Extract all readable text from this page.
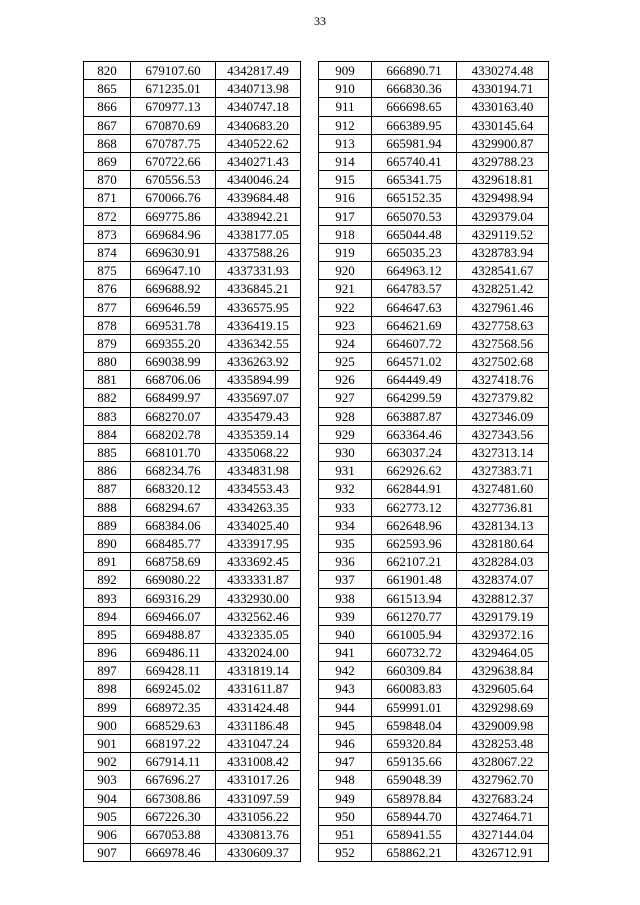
33
820	679107.60	4342817.49
865	671235.01	4340713.98
866	670977.13	4340747.18
867	670870.69	4340683.20
868	670787.75	4340522.62
869	670722.66	4340271.43
870	670556.53	4340046.24
871	670066.76	4339684.48
872	669775.86	4338942.21
873	669684.96	4338177.05
874	669630.91	4337588.26
875	669647.10	4337331.93
876	669688.92	4336845.21
877	669646.59	4336575.95
878	669531.78	4336419.15
879	669355.20	4336342.55
880	669038.99	4336263.92
881	668706.06	4335894.99
882	668499.97	4335697.07
883	668270.07	4335479.43
884	668202.78	4335359.14
885	668101.70	4335068.22
886	668234.76	4334831.98
887	668320.12	4334553.43
888	668294.67	4334263.35
889	668384.06	4334025.40
890	668485.77	4333917.95
891	668758.69	4333692.45
892	669080.22	4333331.87
893	669316.29	4332930.00
894	669466.07	4332562.46
895	669488.87	4332335.05
896	669486.11	4332024.00
897	669428.11	4331819.14
898	669245.02	4331611.87
899	668972.35	4331424.48
900	668529.63	4331186.48
901	668197.22	4331047.24
902	667914.11	4331008.42
903	667696.27	4331017.26
904	667308.86	4331097.59
905	667226.30	4331056.22
906	667053.88	4330813.76
907	666978.46	4330609.37
909	666890.71	4330274.48
910	666830.36	4330194.71
911	666698.65	4330163.40
912	666389.95	4330145.64
913	665981.94	4329900.87
914	665740.41	4329788.23
915	665341.75	4329618.81
916	665152.35	4329498.94
917	665070.53	4329379.04
918	665044.48	4329119.52
919	665035.23	4328783.94
920	664963.12	4328541.67
921	664783.57	4328251.42
922	664647.63	4327961.46
923	664621.69	4327758.63
924	664607.72	4327568.56
925	664571.02	4327502.68
926	664449.49	4327418.76
927	664299.59	4327379.82
928	663887.87	4327346.09
929	663364.46	4327343.56
930	663037.24	4327313.14
931	662926.62	4327383.71
932	662844.91	4327481.60
933	662773.12	4327736.81
934	662648.96	4328134.13
935	662593.96	4328180.64
936	662107.21	4328284.03
937	661901.48	4328374.07
938	661513.94	4328812.37
939	661270.77	4329179.19
940	661005.94	4329372.16
941	660732.72	4329464.05
942	660309.84	4329638.84
943	660083.83	4329605.64
944	659991.01	4329298.69
945	659848.04	4329009.98
946	659320.84	4328253.48
947	659135.66	4328067.22
948	659048.39	4327962.70
949	658978.84	4327683.24
950	658944.70	4327464.71
951	658941.55	4327144.04
952	658862.21	4326712.91
